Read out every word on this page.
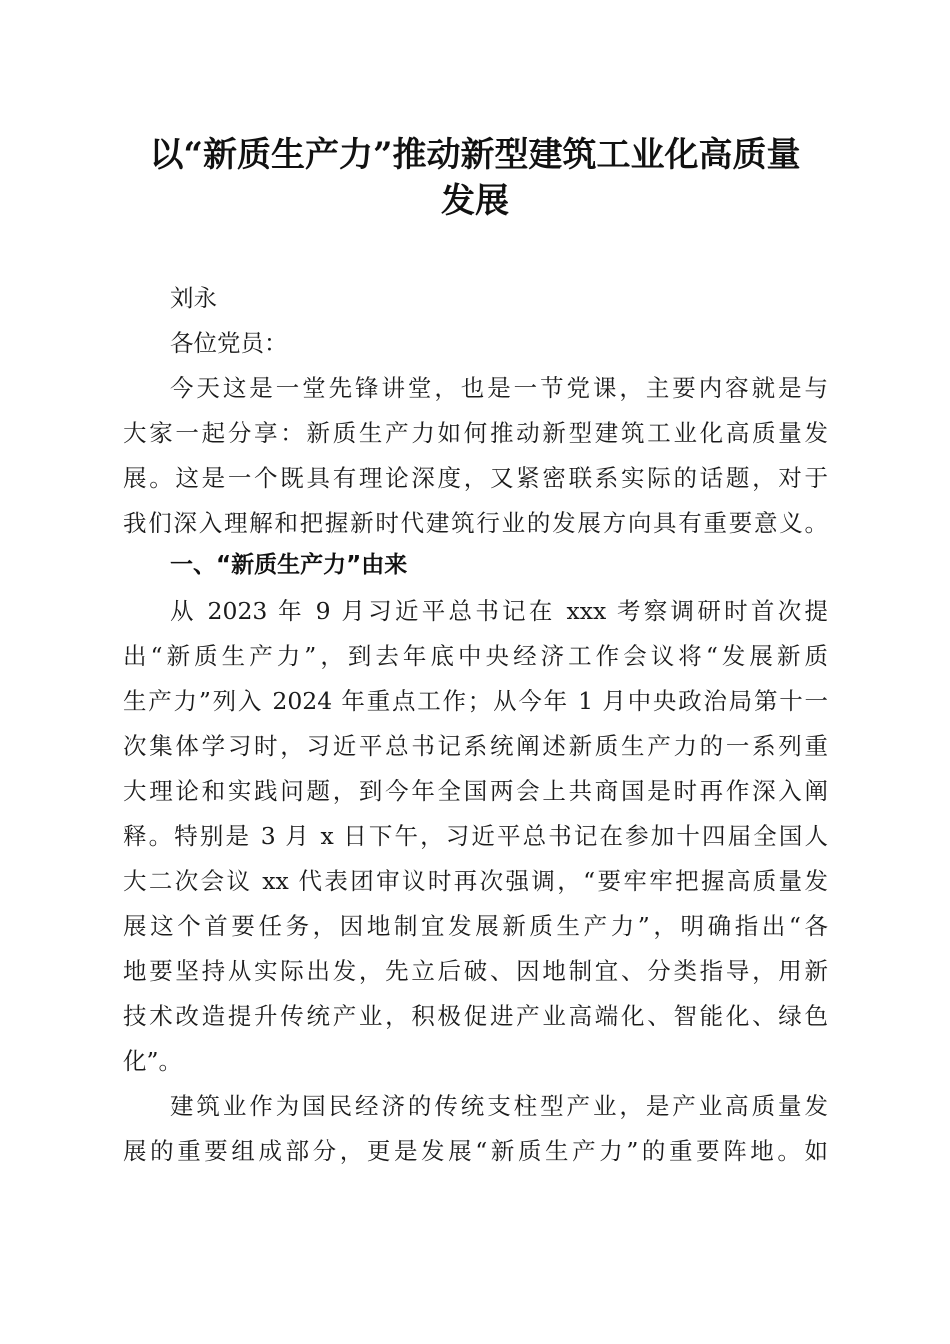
以“新质生产力”推动新型建筑工业化高质量
发展
刘永
各位党员：
今天这是一堂先锋讲堂，也是一节党课，主要内容就是与
大家一起分享：新质生产力如何推动新型建筑工业化高质量发
展。这是一个既具有理论深度，又紧密联系实际的话题，对于
我们深入理解和把握新时代建筑行业的发展方向具有重要意义。
一、“新质生产力”由来
从 2023 年 9 月习近平总书记在 xxx 考察调研时首次提
出“新质生产力”，到去年底中央经济工作会议将“发展新质
生产力”列入 2024 年重点工作；从今年 1 月中央政治局第十一
次集体学习时，习近平总书记系统阐述新质生产力的一系列重
大理论和实践问题，到今年全国两会上共商国是时再作深入阐
释。特别是 3 月 x 日下午，习近平总书记在参加十四届全国人
大二次会议 xx 代表团审议时再次强调，“要牢牢把握高质量发
展这个首要任务，因地制宜发展新质生产力”，明确指出“各
地要坚持从实际出发，先立后破、因地制宜、分类指导，用新
技术改造提升传统产业，积极促进产业高端化、智能化、绿色
化”。
建筑业作为国民经济的传统支柱型产业，是产业高质量发
展的重要组成部分，更是发展“新质生产力”的重要阵地。如
